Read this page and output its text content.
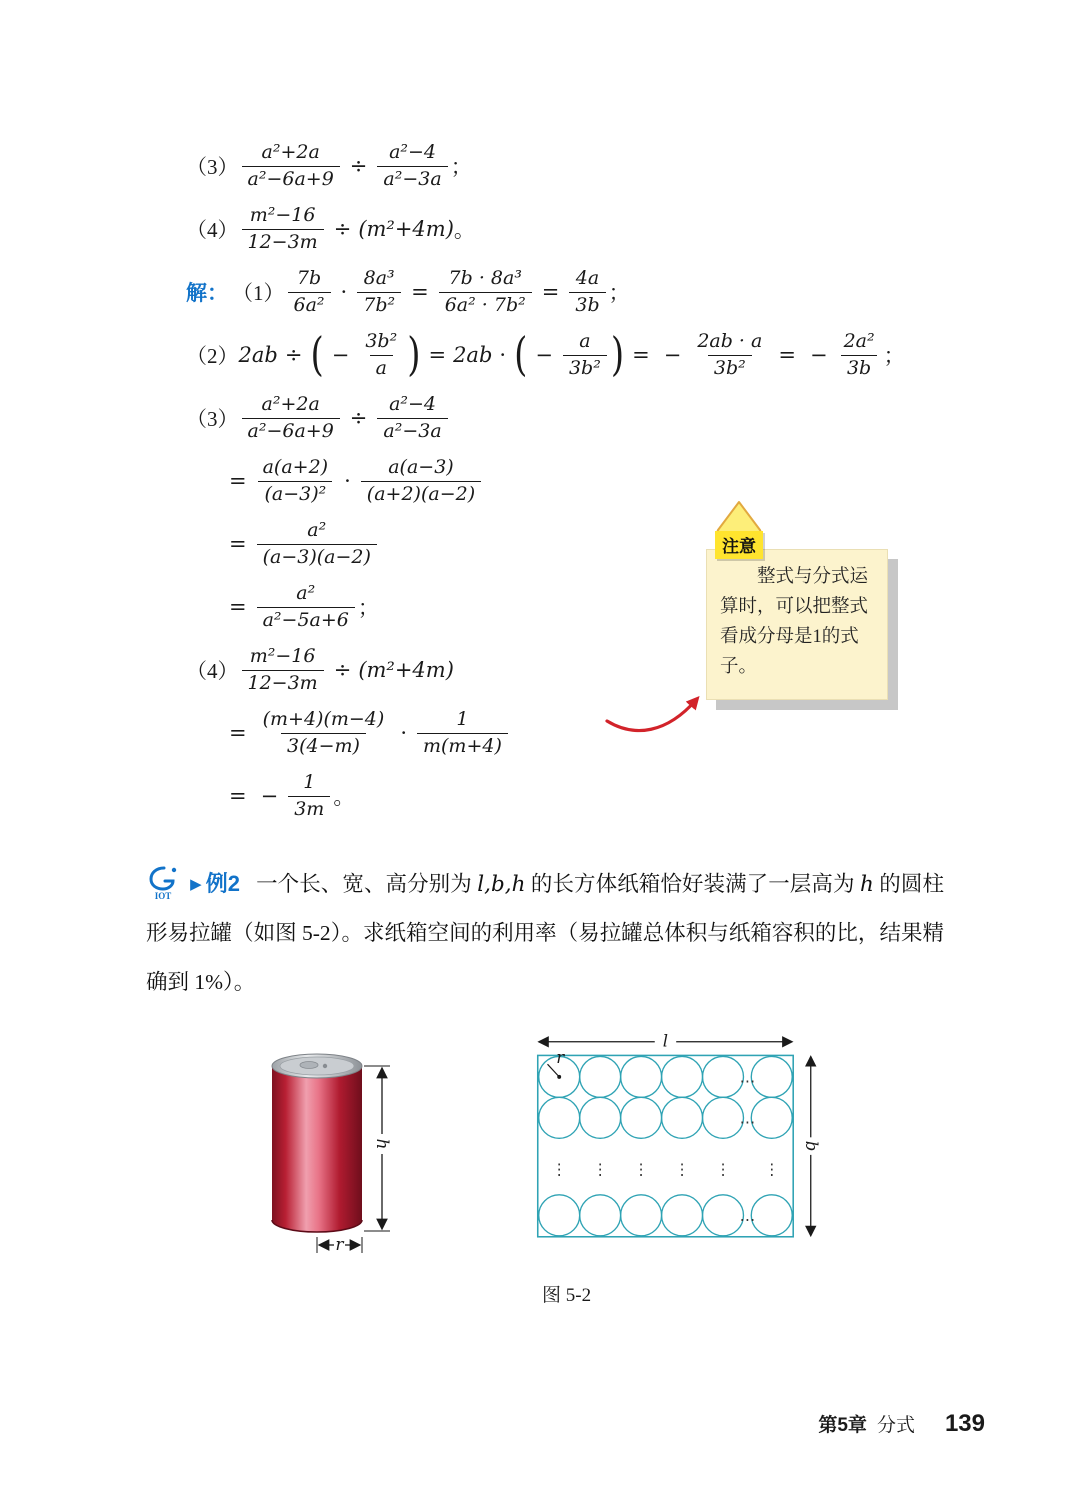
$(3) \frac{\text{a²+2a}}{\text{a²−6a+9}} \div \frac{\text{a²−4}}{\text{a²−3a}}$ ；
$(4) \frac{\text{m²−16}}{12-3m} \div (m^2+4m)$ 。
解： $(1) \frac{7b}{\text{6a²}} \cdot \frac{\text{8a³}}{\text{7b²}} = \frac{\text{7b · 8a³}}{\text{6a² · 7b²}} = \frac{4a}{3b}$ ；
（2） 2ab ÷ ( − $\frac{\text{3b²}}{a}$ ) = 2ab · ( − $\frac{a}{\text{3b²}}$ ) = − $\frac{2ab \cdot a}{\text{3b²}}$ = − $\frac{\text{2a²}}{3b}$ ；
$(3) \frac{\text{a²+2a}}{\text{a²−6a+9}} \div \frac{\text{a²−4}}{\text{a²−3a}}$
= $\frac{a(a+2)}{\text{(a−3)²}} \cdot \frac{a(a-3)}{(a+2)(a-2)}$
= $\frac{\text{a²}}{(a-3)(a-2)}$
= $\frac{\text{a²}}{\text{a²−5a+6}}$ ；
$(4) \frac{\text{m²−16}}{12-3m} \div (m^2+4m)$
= $\frac{(m+4)(m-4)}{3(4-m)} \cdot \frac{1}{m(m+4)}$
= − $\frac{1}{3m}$ 。
注意
整式与分式运算时，可以把整式看成分母是1的式子。

IOT
▶ 例2 一个长、宽、高分别为 l,b,h 的长方体纸箱恰好装满了一层高为 h 的圆柱形易拉罐（如图 5-2）。求纸箱空间的利用率（易拉罐总体积与纸箱容积的比，结果精确到 1%）。

h
r
l
…
…
…
⋮ ⋮ ⋮ ⋮ ⋮ ⋮
b
r
图 5-2
第5章 分式 139
